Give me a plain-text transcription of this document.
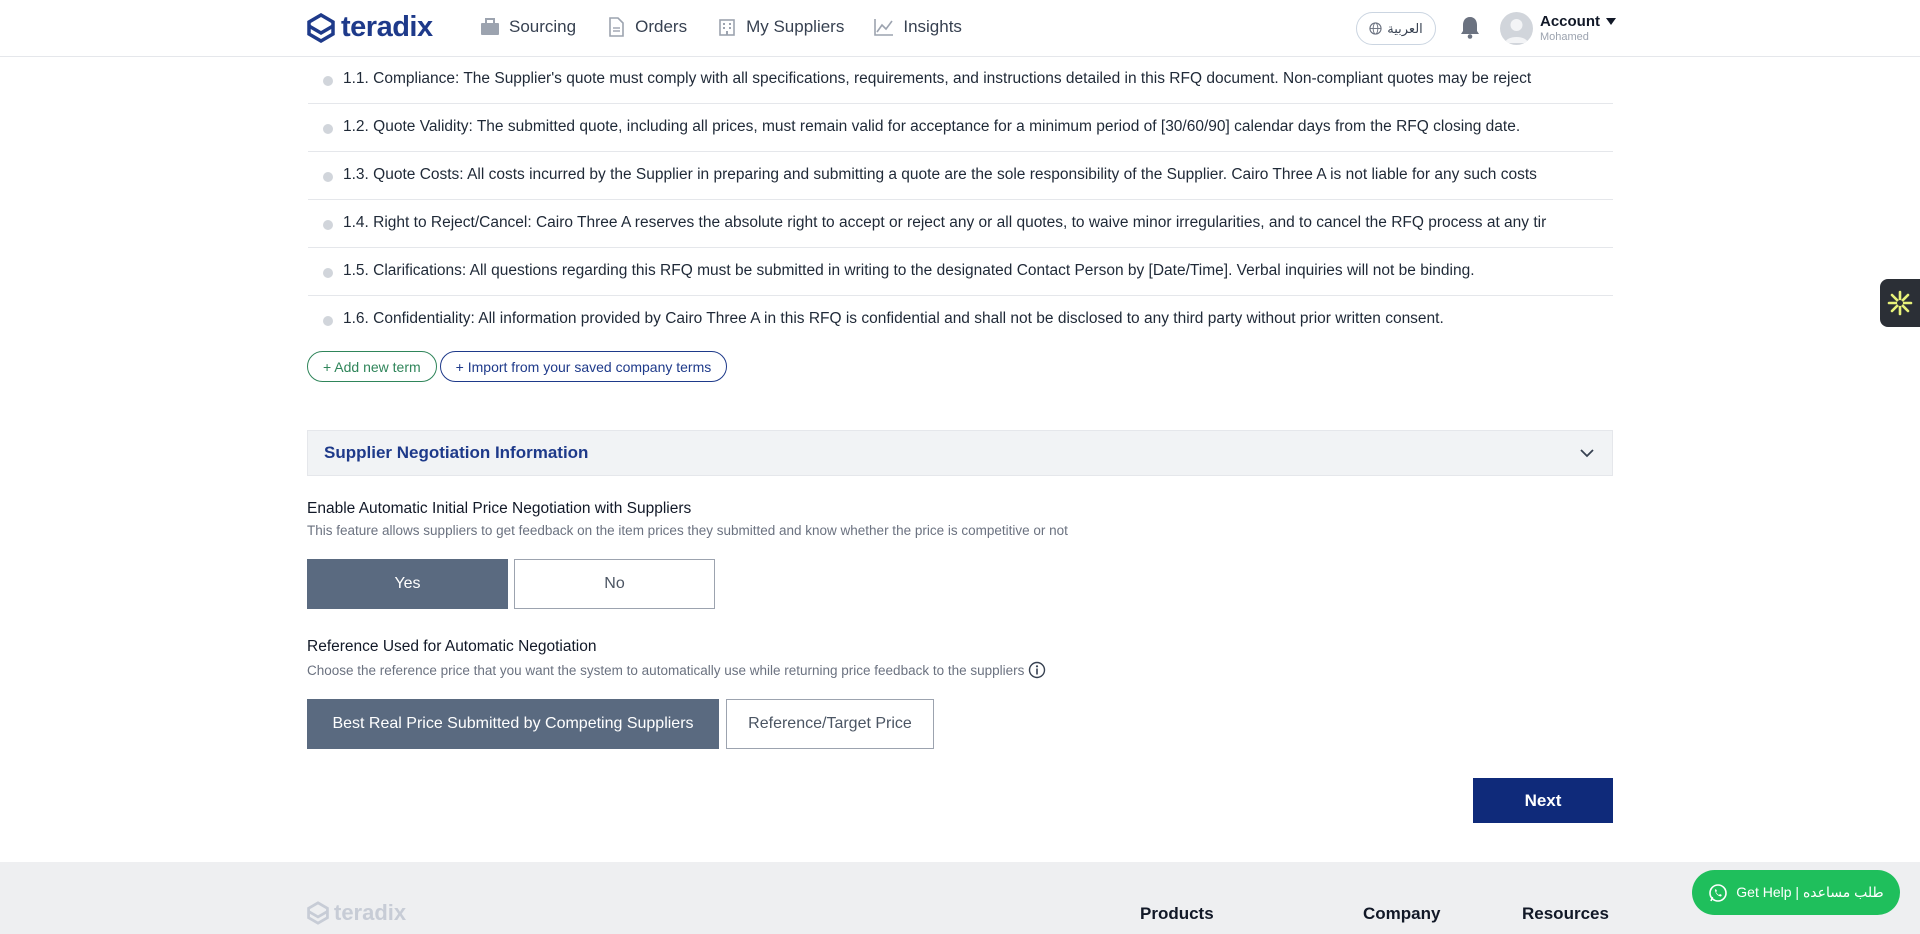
teradix	Sourcing	Orders	My Suppliers	Insights	العربية	Account
Mohamed
1.1. Compliance: The Supplier's quote must comply with all specifications, requirements, and instructions detailed in this RFQ document. Non-compliant quotes may be reject
1.2. Quote Validity: The submitted quote, including all prices, must remain valid for acceptance for a minimum period of [30/60/90] calendar days from the RFQ closing date.
1.3. Quote Costs: All costs incurred by the Supplier in preparing and submitting a quote are the sole responsibility of the Supplier. Cairo Three A is not liable for any such costs
1.4. Right to Reject/Cancel: Cairo Three A reserves the absolute right to accept or reject any or all quotes, to waive minor irregularities, and to cancel the RFQ process at any tir
1.5. Clarifications: All questions regarding this RFQ must be submitted in writing to the designated Contact Person by [Date/Time]. Verbal inquiries will not be binding.
1.6. Confidentiality: All information provided by Cairo Three A in this RFQ is confidential and shall not be disclosed to any third party without prior written consent.
+ Add new term	+ Import from your saved company terms
Supplier Negotiation Information
Enable Automatic Initial Price Negotiation with Suppliers
This feature allows suppliers to get feedback on the item prices they submitted and know whether the price is competitive or not
Yes	No
Reference Used for Automatic Negotiation
Choose the reference price that you want the system to automatically use while returning price feedback to the suppliers
Best Real Price Submitted by Competing Suppliers	Reference/Target Price
Next
teradix	Products	Company	Resources
Get Help | طلب مساعده
